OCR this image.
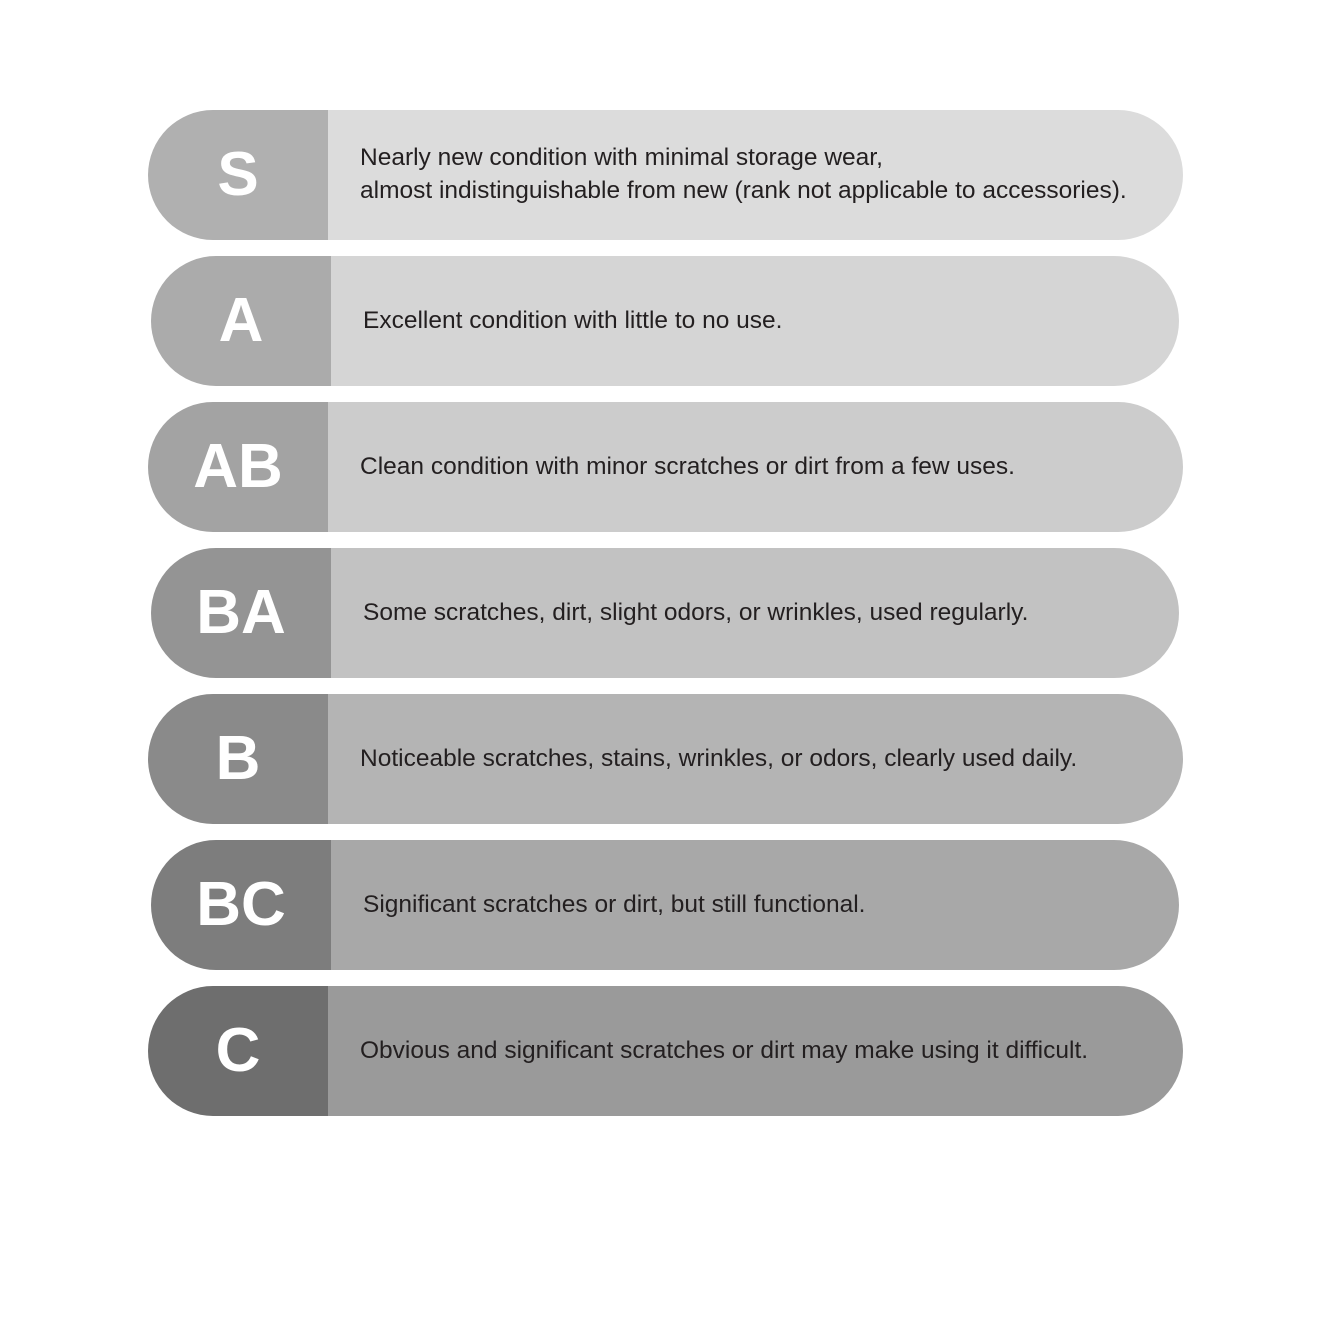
S	Nearly new condition with minimal storage wear,
almost indistinguishable from new (rank not applicable to accessories).
A	Excellent condition with little to no use.
AB	Clean condition with minor scratches or dirt from a few uses.
BA	Some scratches, dirt, slight odors, or wrinkles, used regularly.
B	Noticeable scratches, stains, wrinkles, or odors, clearly used daily.
BC	Significant scratches or dirt, but still functional.
C	Obvious and significant scratches or dirt may make using it difficult.
